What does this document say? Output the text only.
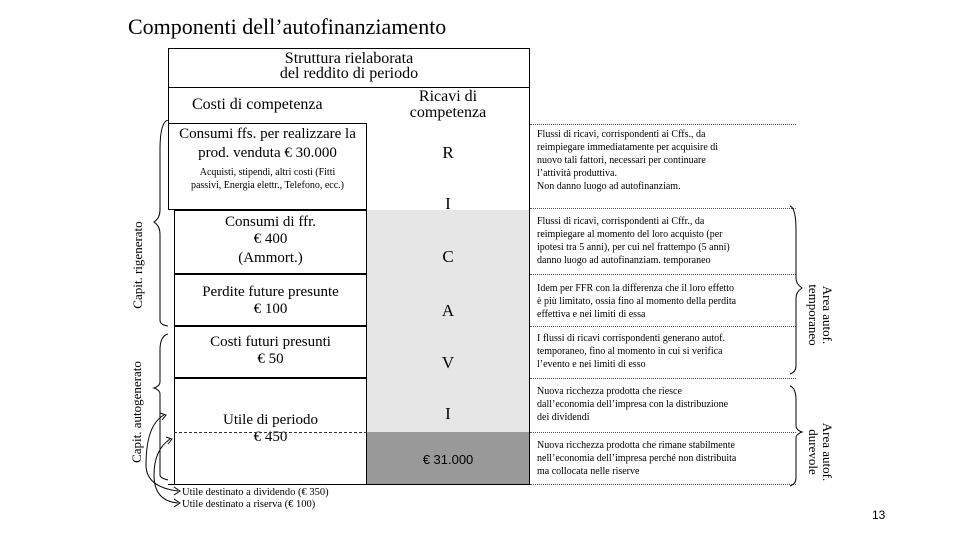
Componenti dell’autofinanziamento
Struttura rielaborata
del reddito di periodo
Costi di competenza	Ricavi di
competenza
Consumi ffs. per realizzare la
prod. venduta € 30.000
Acquisti, stipendi, altri costi (Fitti
passivi, Energia elettr., Telefono, ecc.)
Consumi di ffr.
€ 400
(Ammort.)
Perdite future presunte
€ 100
Costi futuri presunti
€ 50
Utile di periodo
€ 450
R
I
C
A
V
I
€ 31.000
Flussi di ricavi, corrispondenti ai Cffs., da
reimpiegare immediatamente per acquisire di
nuovo tali fattori, necessari per continuare
l’attività produttiva.
Non danno luogo ad autofinanziam.
Flussi di ricavi, corrispondenti ai Cffr., da
reimpiegare al momento del loro acquisto (per
ipotesi tra 5 anni), per cui nel frattempo (5 anni)
danno luogo ad autofinanziam. temporaneo
Idem per FFR con la differenza che il loro effetto
è più limitato, ossia fino al momento della perdita
effettiva e nei limiti di essa
I flussi di ricavi corrispondenti generano autof.
temporaneo, fino al momento in cui si verifica
l’evento e nei limiti di esso
Nuova ricchezza prodotta che riesce
dall’economia dell’impresa con la distribuzione
dei dividendi
Nuova ricchezza prodotta che rimane stabilmente
nell’economia dell’impresa perché non distribuita
ma collocata nelle riserve
Capit. rigenerato
Capit. autogenerato
Utile destinato a dividendo (€ 350)
Utile destinato a riserva (€ 100)
Area autof.
temporaneo
Area autof.
durevole
13
